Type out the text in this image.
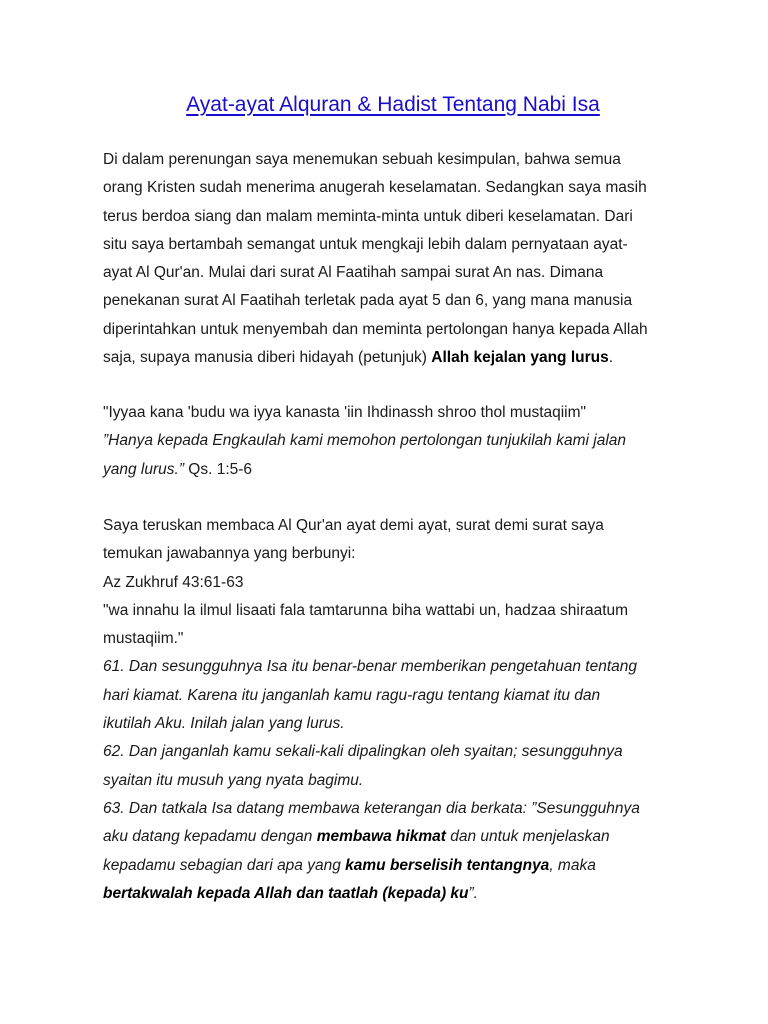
Ayat-ayat Alquran & Hadist Tentang Nabi Isa

Di dalam perenungan saya menemukan sebuah kesimpulan, bahwa semua
orang Kristen sudah menerima anugerah keselamatan. Sedangkan saya masih
terus berdoa siang dan malam meminta-minta untuk diberi keselamatan. Dari
situ saya bertambah semangat untuk mengkaji lebih dalam pernyataan ayat-
ayat Al Qur'an. Mulai dari surat Al Faatihah sampai surat An nas. Dimana
penekanan surat Al Faatihah terletak pada ayat 5 dan 6, yang mana manusia
diperintahkan untuk menyembah dan meminta pertolongan hanya kepada Allah
saja, supaya manusia diberi hidayah (petunjuk) Allah kejalan yang lurus.

"Iyyaa kana 'budu wa iyya kanasta 'iin Ihdinassh shroo thol mustaqiim"
”Hanya kepada Engkaulah kami memohon pertolongan tunjukilah kami jalan
yang lurus.” Qs. 1:5-6

Saya teruskan membaca Al Qur'an ayat demi ayat, surat demi surat saya
temukan jawabannya yang berbunyi:
Az Zukhruf 43:61-63
"wa innahu la ilmul lisaati fala tamtarunna biha wattabi un, hadzaa shiraatum
mustaqiim."
61. Dan sesungguhnya Isa itu benar-benar memberikan pengetahuan tentang
hari kiamat. Karena itu janganlah kamu ragu-ragu tentang kiamat itu dan
ikutilah Aku. Inilah jalan yang lurus.
62. Dan janganlah kamu sekali-kali dipalingkan oleh syaitan; sesungguhnya
syaitan itu musuh yang nyata bagimu.
63. Dan tatkala Isa datang membawa keterangan dia berkata: ”Sesungguhnya
aku datang kepadamu dengan membawa hikmat dan untuk menjelaskan
kepadamu sebagian dari apa yang kamu berselisih tentangnya, maka
bertakwalah kepada Allah dan taatlah (kepada) ku”.
